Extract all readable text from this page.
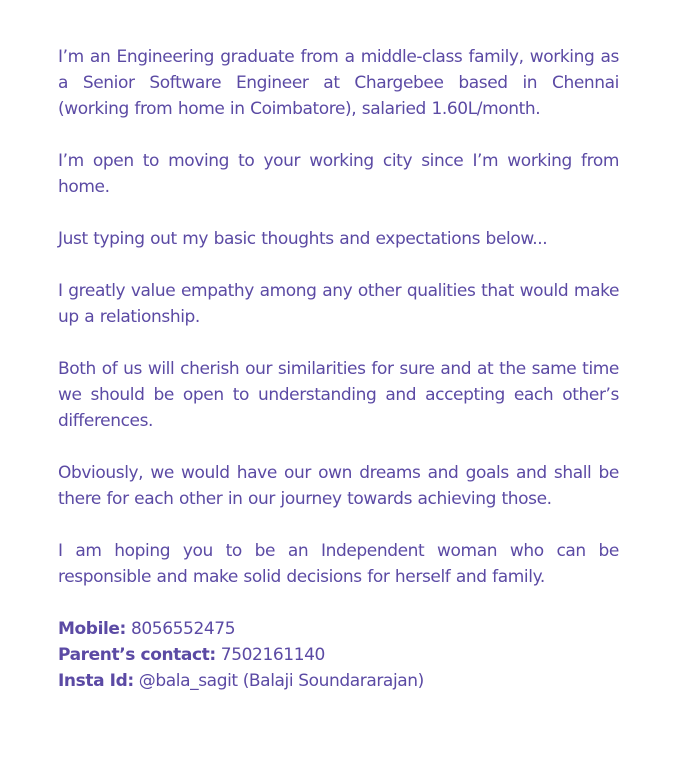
I’m an Engineering graduate from a middle-class family, working as a Senior Software Engineer at Chargebee based in Chennai (working from home in Coimbatore), salaried 1.60L/month.

I’m open to moving to your working city since I’m working from home.

Just typing out my basic thoughts and expectations below...

I greatly value empathy among any other qualities that would make up a relationship.

Both of us will cherish our similarities for sure and at the same time we should be open to understanding and accepting each other’s differences.

Obviously, we would have our own dreams and goals and shall be there for each other in our journey towards achieving those.

I am hoping you to be an Independent woman who can be responsible and make solid decisions for herself and family.

Mobile: 8056552475

Parent’s contact: 7502161140

Insta Id: @bala_sagit (Balaji Soundararajan)
